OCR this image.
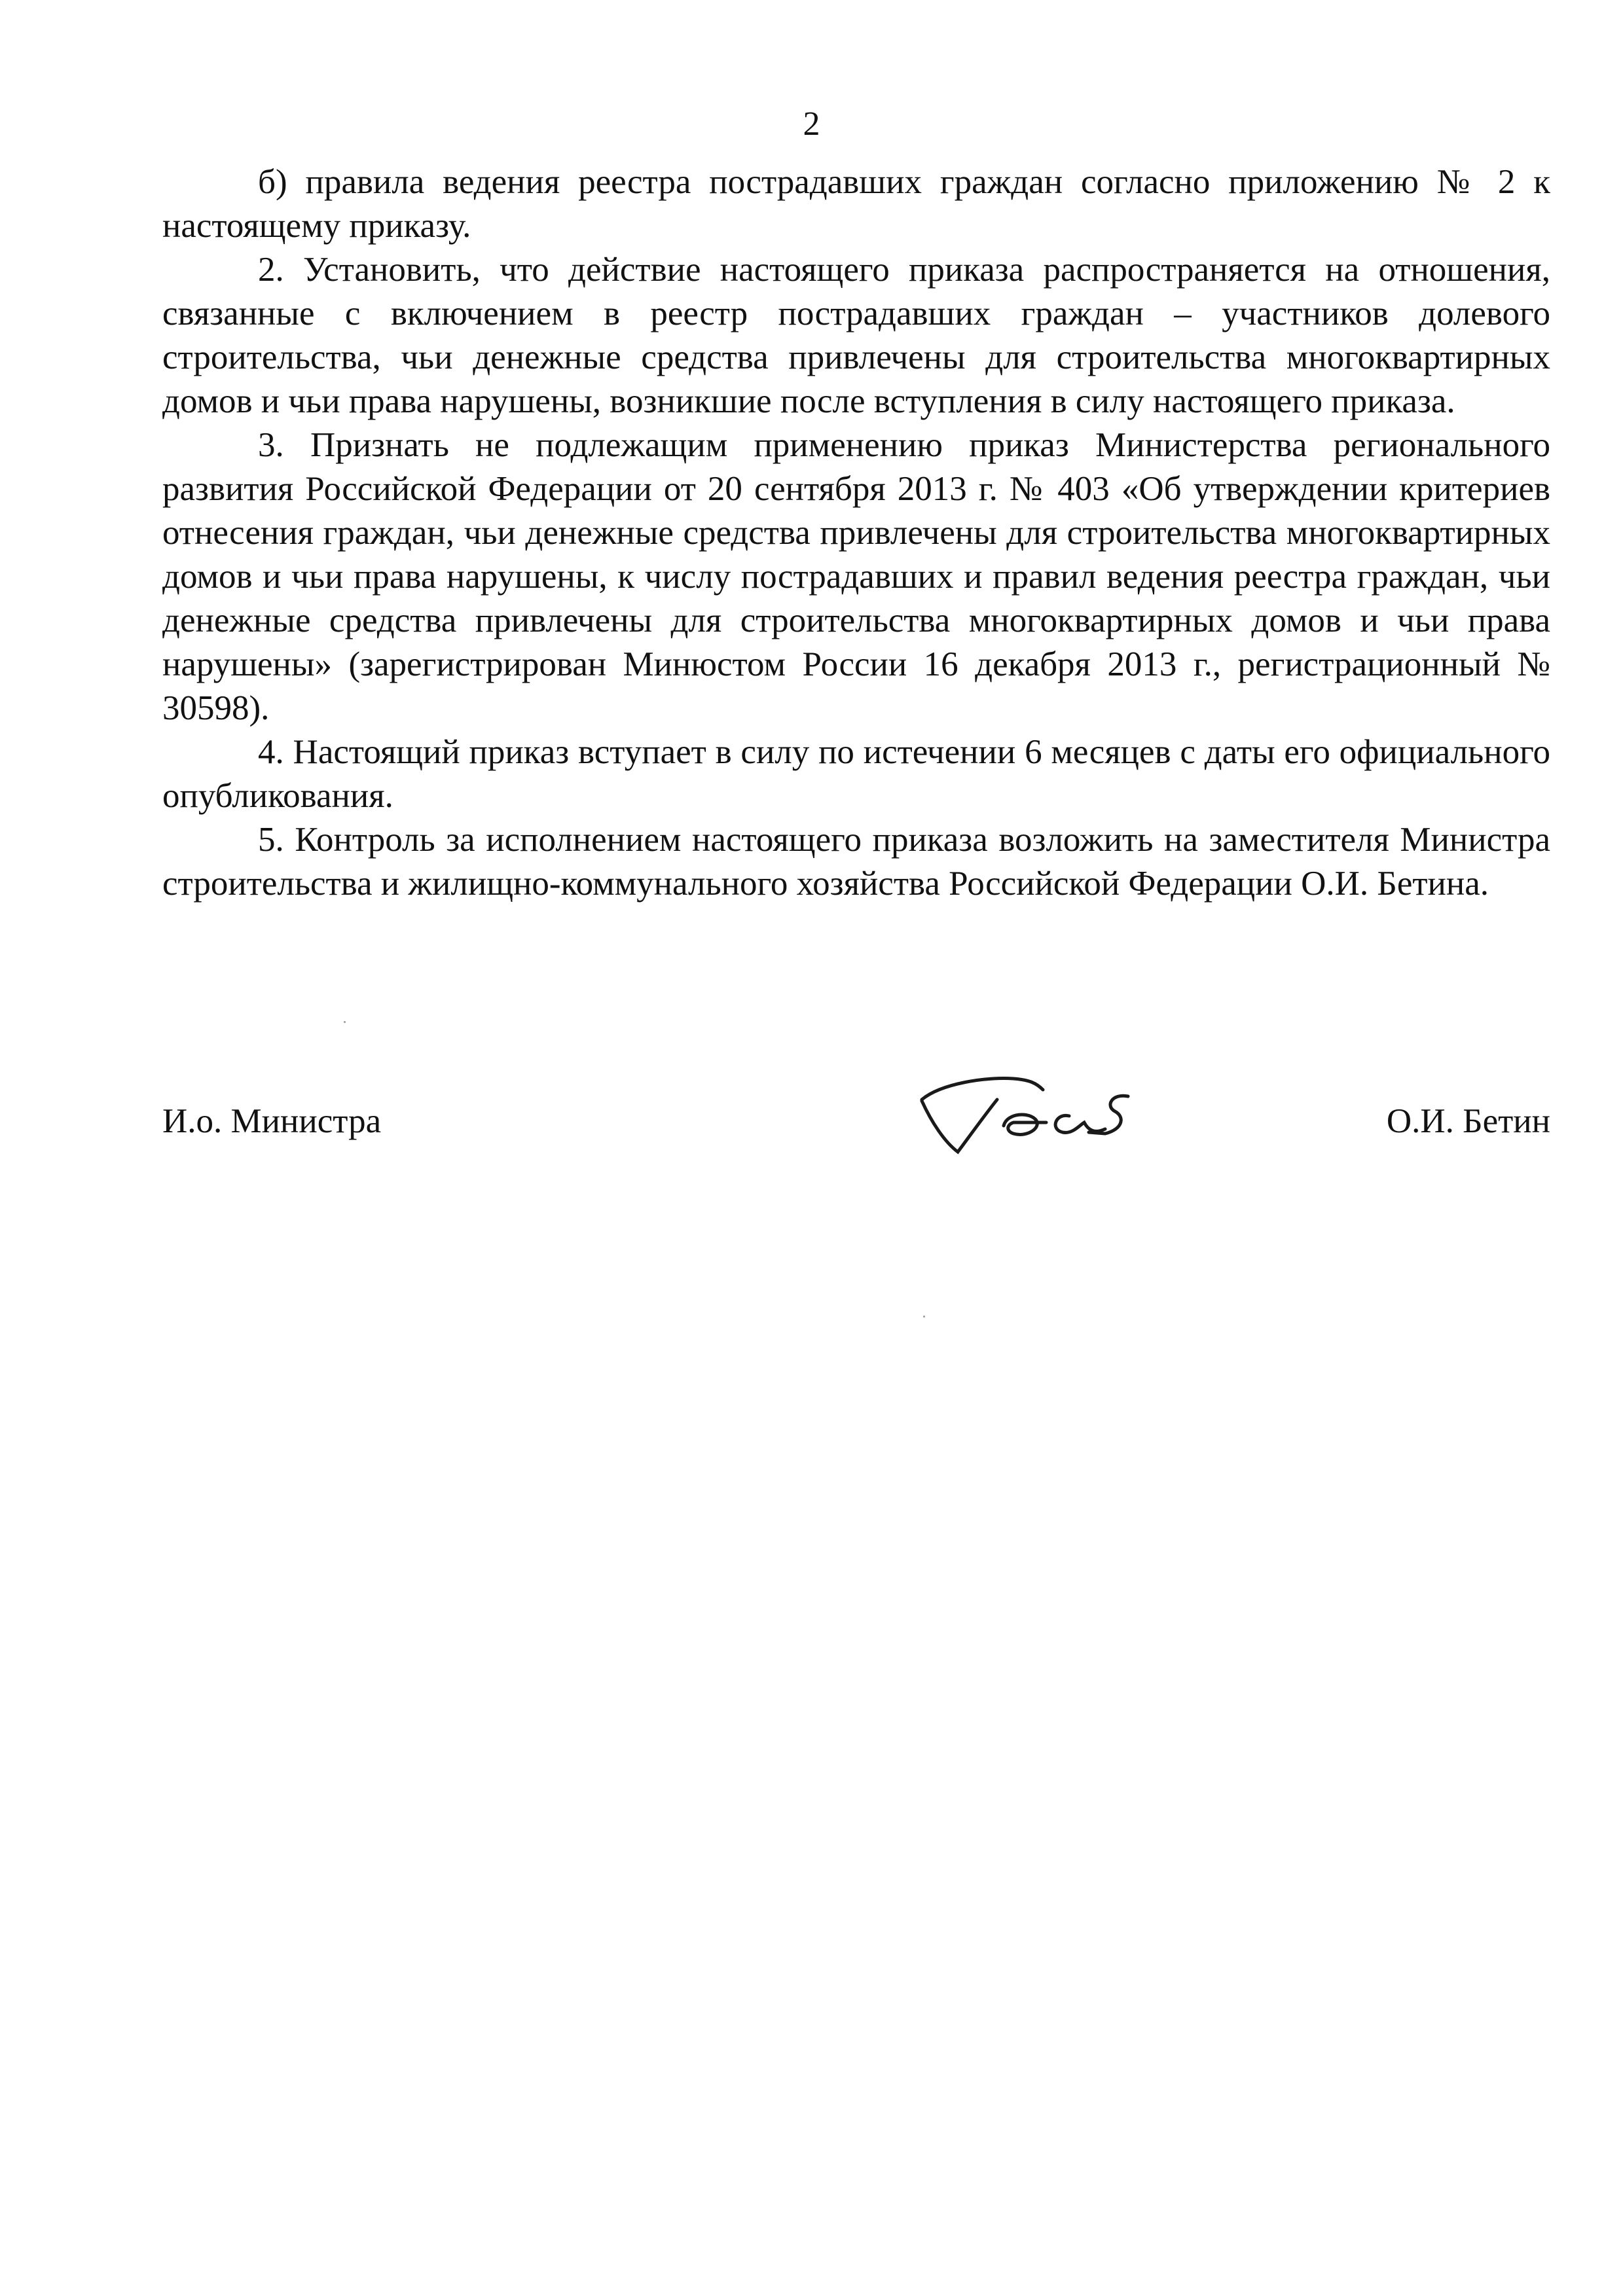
2

б) правила ведения реестра пострадавших граждан согласно приложению № 2 к настоящему приказу.

2. Установить, что действие настоящего приказа распространяется на отношения, связанные с включением в реестр пострадавших граждан – участников долевого строительства, чьи денежные средства привлечены для строительства многоквартирных домов и чьи права нарушены, возникшие после вступления в силу настоящего приказа.

3. Признать не подлежащим применению приказ Министерства регионального развития Российской Федерации от 20 сентября 2013 г. № 403 «Об утверждении критериев отнесения граждан, чьи денежные средства привлечены для строительства многоквартирных домов и чьи права нарушены, к числу пострадавших и правил ведения реестра граждан, чьи денежные средства привлечены для строительства многоквартирных домов и чьи права нарушены» (зарегистрирован Минюстом России 16 декабря 2013 г., регистрационный № 30598).

4. Настоящий приказ вступает в силу по истечении 6 месяцев с даты его официального опубликования.

5. Контроль за исполнением настоящего приказа возложить на заместителя Министра строительства и жилищно-коммунального хозяйства Российской Федерации О.И. Бетина.

И.о. Министра	О.И. Бетин
